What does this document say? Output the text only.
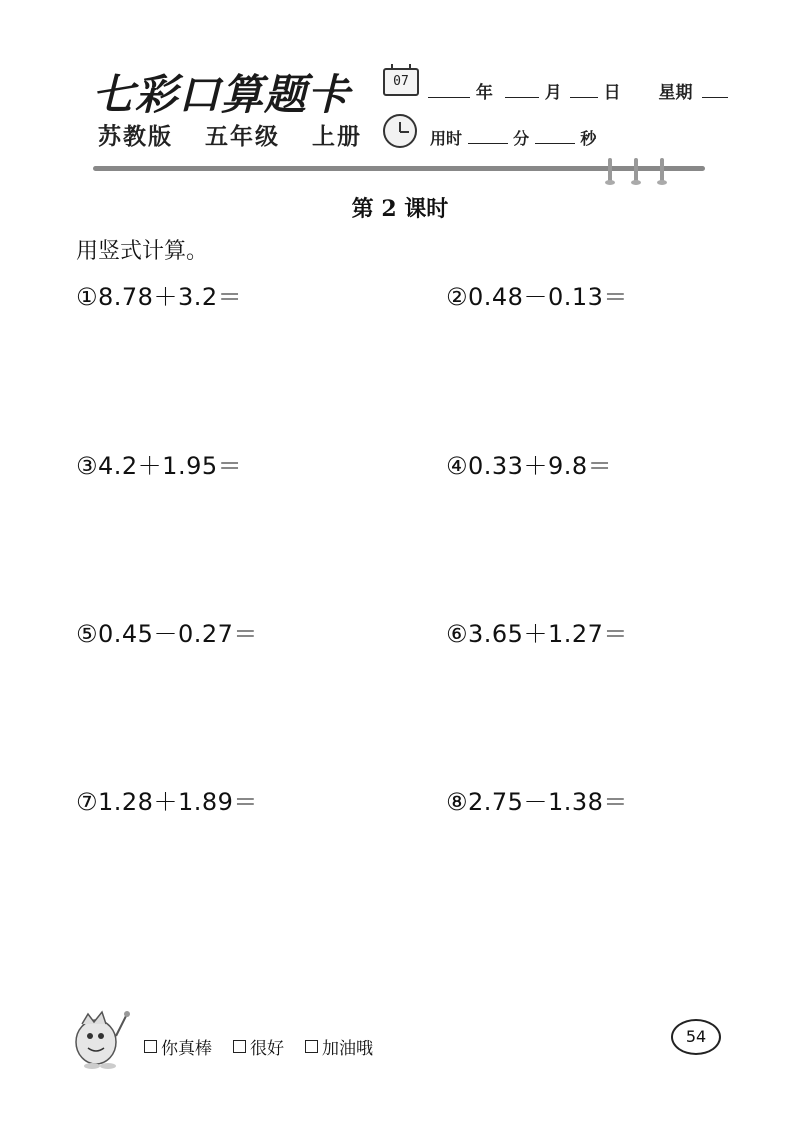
七彩口算题卡
苏教版 五年级 上册
07
年	月 日 星期
用时	分	秒
第 2 课时
用竖式计算。
①8.78＋3.2＝	②0.48－0.13＝
③4.2＋1.95＝	④0.33＋9.8＝
⑤0.45－0.27＝	⑥3.65＋1.27＝
⑦1.28＋1.89＝	⑧2.75－1.38＝
你真棒 很好 加油哦
54
